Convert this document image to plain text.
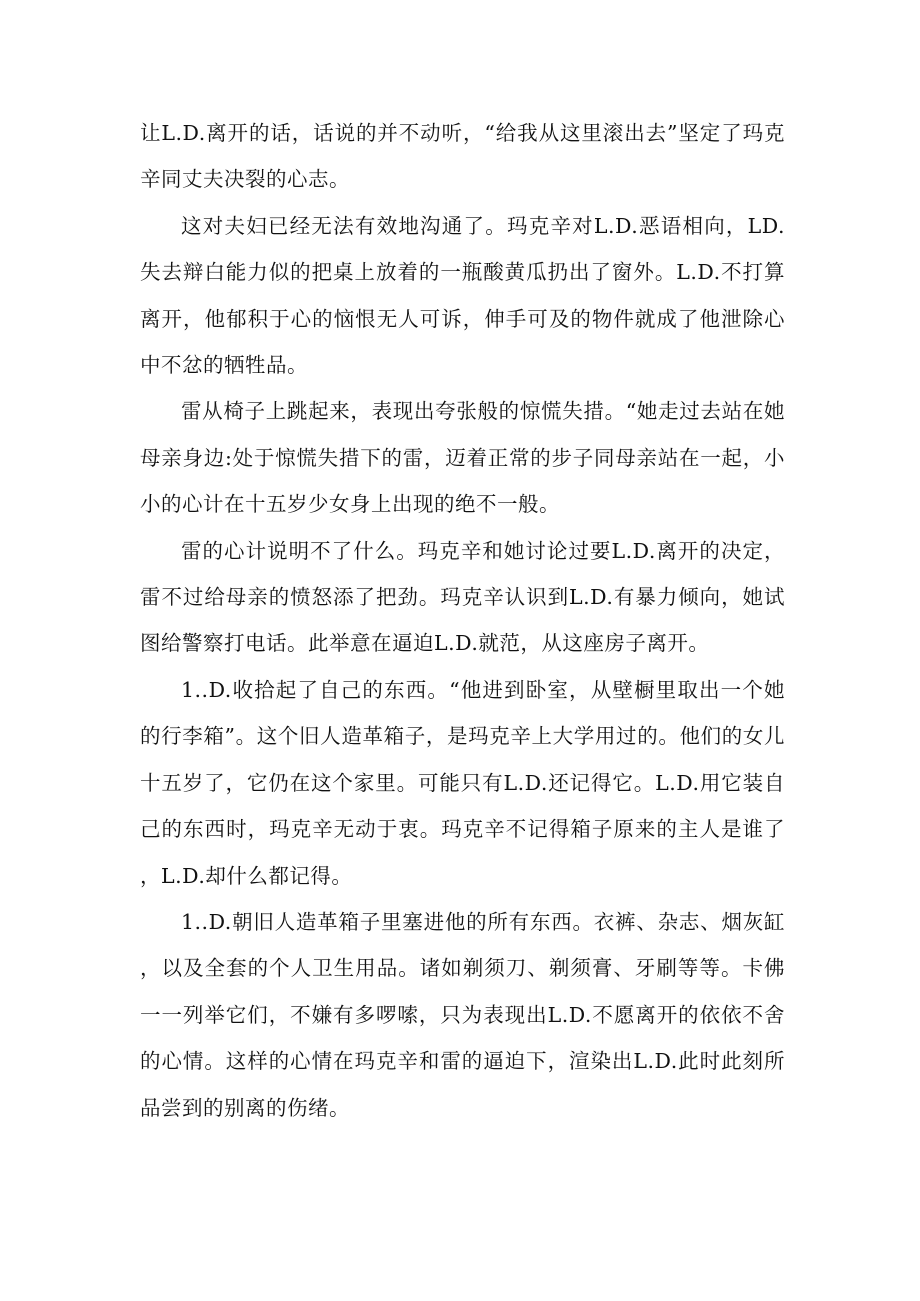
让L.D.离开的话，话说的并不动听，“给我从这里滚出去”坚定了玛克辛同丈夫决裂的心志。

这对夫妇已经无法有效地沟通了。玛克辛对L.D.恶语相向，LD.失去辩白能力似的把桌上放着的一瓶酸黄瓜扔出了窗外。L.D.不打算离开，他郁积于心的恼恨无人可诉，伸手可及的物件就成了他泄除心中不忿的牺牲品。

雷从椅子上跳起来，表现出夸张般的惊慌失措。“她走过去站在她母亲身边:处于惊慌失措下的雷，迈着正常的步子同母亲站在一起，小小的心计在十五岁少女身上出现的绝不一般。

雷的心计说明不了什么。玛克辛和她讨论过要L.D.离开的决定，雷不过给母亲的愤怒添了把劲。玛克辛认识到L.D.有暴力倾向，她试图给警察打电话。此举意在逼迫L.D.就范，从这座房子离开。

1..D.收拾起了自己的东西。“他进到卧室，从壁橱里取出一个她的行李箱”。这个旧人造革箱子，是玛克辛上大学用过的。他们的女儿十五岁了，它仍在这个家里。可能只有L.D.还记得它。L.D.用它装自己的东西时，玛克辛无动于衷。玛克辛不记得箱子原来的主人是谁了，L.D.却什么都记得。

1..D.朝旧人造革箱子里塞进他的所有东西。衣裤、杂志、烟灰缸，以及全套的个人卫生用品。诸如剃须刀、剃须膏、牙刷等等。卡佛一一列举它们，不嫌有多啰嗦，只为表现出L.D.不愿离开的依依不舍的心情。这样的心情在玛克辛和雷的逼迫下，渲染出L.D.此时此刻所品尝到的别离的伤绪。
